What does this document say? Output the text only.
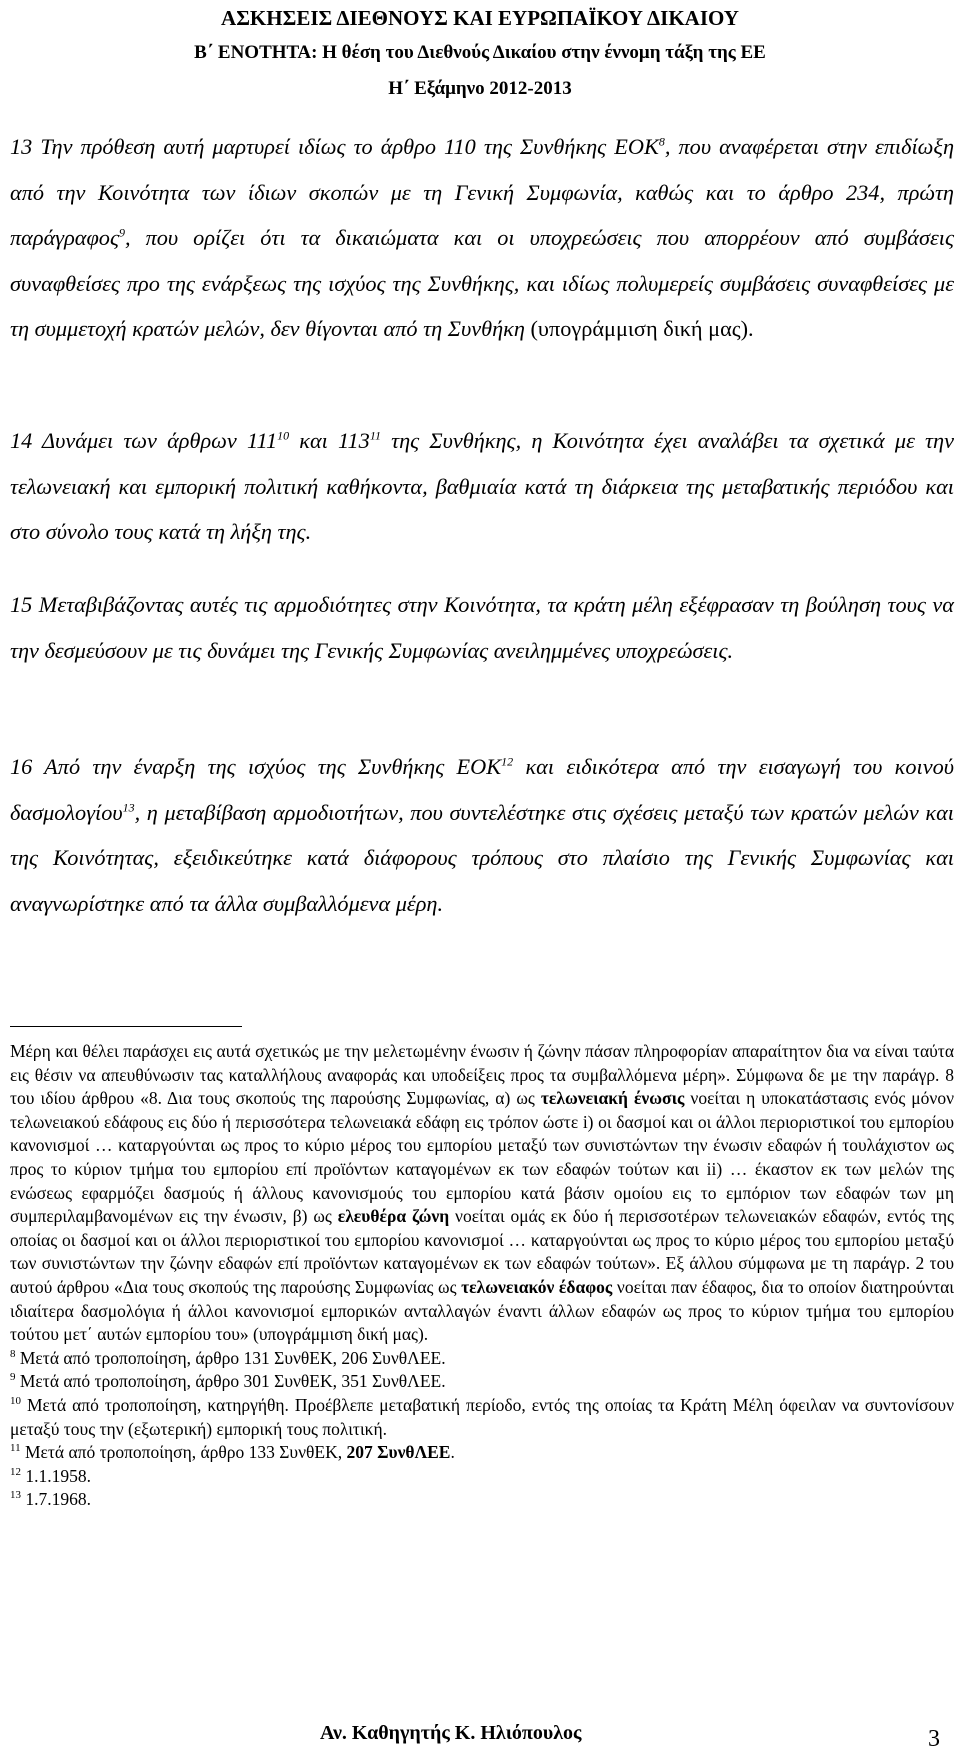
ΑΣΚΗΣΕΙΣ ΔΙΕΘΝΟΥΣ ΚΑΙ ΕΥΡΩΠΑΪΚΟΥ ΔΙΚΑΙΟΥ
Β΄ ΕΝΟΤΗΤΑ: Η θέση του Διεθνούς Δικαίου στην έννομη τάξη της ΕΕ
Η΄ Εξάμηνο 2012-2013

13 Την πρόθεση αυτή μαρτυρεί ιδίως το άρθρο 110 της Συνθήκης ΕΟΚ$^8$, που αναφέρεται στην επιδίωξη από την Κοινότητα των ίδιων σκοπών με τη Γενική Συμφωνία, καθώς και το άρθρο 234, πρώτη παράγραφος$^9$, που ορίζει ότι τα δικαιώματα και οι υποχρεώσεις που απορρέουν από συμβάσεις συναφθείσες προ της ενάρξεως της ισχύος της Συνθήκης, και ιδίως πολυμερείς συμβάσεις συναφθείσες με τη συμμετοχή κρατών μελών, δεν θίγονται από τη Συνθήκη (υπογράμμιση δική μας).

14 Δυνάμει των άρθρων $111^{10}$ και $113^{11}$ της Συνθήκης, η Κοινότητα έχει αναλάβει τα σχετικά με την τελωνειακή και εμπορική πολιτική καθήκοντα, βαθμιαία κατά τη διάρκεια της μεταβατικής περιόδου και στο σύνολο τους κατά τη λήξη της.

15 Μεταβιβάζοντας αυτές τις αρμοδιότητες στην Κοινότητα, τα κράτη μέλη εξέφρασαν τη βούληση τους να την δεσμεύσουν με τις δυνάμει της Γενικής Συμφωνίας ανειλημμένες υποχρεώσεις.

16 Από την έναρξη της ισχύος της Συνθήκης ΕΟΚ$^{12}$ και ειδικότερα από την εισαγωγή του κοινού δασμολογίου$^{13}$, η μεταβίβαση αρμοδιοτήτων, που συντελέστηκε στις σχέσεις μεταξύ των κρατών μελών και της Κοινότητας, εξειδικεύτηκε κατά διάφορους τρόπους στο πλαίσιο της Γενικής Συμφωνίας και αναγνωρίστηκε από τα άλλα συμβαλλόμενα μέρη.

Μέρη και θέλει παράσχει εις αυτά σχετικώς με την μελετωμένην ένωσιν ή ζώνην πάσαν πληροφορίαν απαραίτητον δια να είναι ταύτα εις θέσιν να απευθύνωσιν τας καταλλήλους αναφοράς και υποδείξεις προς τα συμβαλλόμενα μέρη». Σύμφωνα δε με την παράγρ. 8 του ιδίου άρθρου «8. Δια τους σκοπούς της παρούσης Συμφωνίας, α) ως τελωνειακή ένωσις νοείται η υποκατάστασις ενός μόνον τελωνειακού εδάφους εις δύο ή περισσότερα τελωνειακά εδάφη εις τρόπον ώστε i) οι δασμοί και οι άλλοι περιοριστικοί του εμπορίου κανονισμοί … καταργούνται ως προς το κύριο μέρος του εμπορίου μεταξύ των συνιστώντων την ένωσιν εδαφών ή τουλάχιστον ως προς το κύριον τμήμα του εμπορίου επί προϊόντων καταγομένων εκ των εδαφών τούτων και ii) … έκαστον εκ των μελών της ενώσεως εφαρμόζει δασμούς ή άλλους κανονισμούς του εμπορίου κατά βάσιν ομοίου εις το εμπόριον των εδαφών των μη συμπεριλαμβανομένων εις την ένωσιν, β) ως ελευθέρα ζώνη νοείται ομάς εκ δύο ή περισσοτέρων τελωνειακών εδαφών, εντός της οποίας οι δασμοί και οι άλλοι περιοριστικοί του εμπορίου κανονισμοί … καταργούνται ως προς το κύριο μέρος του εμπορίου μεταξύ των συνιστώντων την ζώνην εδαφών επί προϊόντων καταγομένων εκ των εδαφών τούτων». Εξ άλλου σύμφωνα με τη παράγρ. 2 του αυτού άρθρου «Δια τους σκοπούς της παρούσης Συμφωνίας ως τελωνειακόν έδαφος νοείται παν έδαφος, δια το οποίον διατηρούνται ιδιαίτερα δασμολόγια ή άλλοι κανονισμοί εμπορικών ανταλλαγών έναντι άλλων εδαφών ως προς το κύριον τμήμα του εμπορίου τούτου μετ΄ αυτών εμπορίου του» (υπογράμμιση δική μας).

$^8$ Μετά από τροποποίηση, άρθρο 131 ΣυνθΕΚ, 206 ΣυνθΛΕΕ.

$^9$ Μετά από τροποποίηση, άρθρο 301 ΣυνθΕΚ, 351 ΣυνθΛΕΕ.

$^{10}$ Μετά από τροποποίηση, κατηργήθη. Προέβλεπε μεταβατική περίοδο, εντός της οποίας τα Κράτη Μέλη όφειλαν να συντονίσουν μεταξύ τους την (εξωτερική) εμπορική τους πολιτική.

$^{11}$ Μετά από τροποποίηση, άρθρο 133 ΣυνθΕΚ, 207 ΣυνθΛΕΕ.

$^{12}$ 1.1.1958.

$^{13}$ 1.7.1968.

Αν. Καθηγητής Κ. Ηλιόπουλος	3
